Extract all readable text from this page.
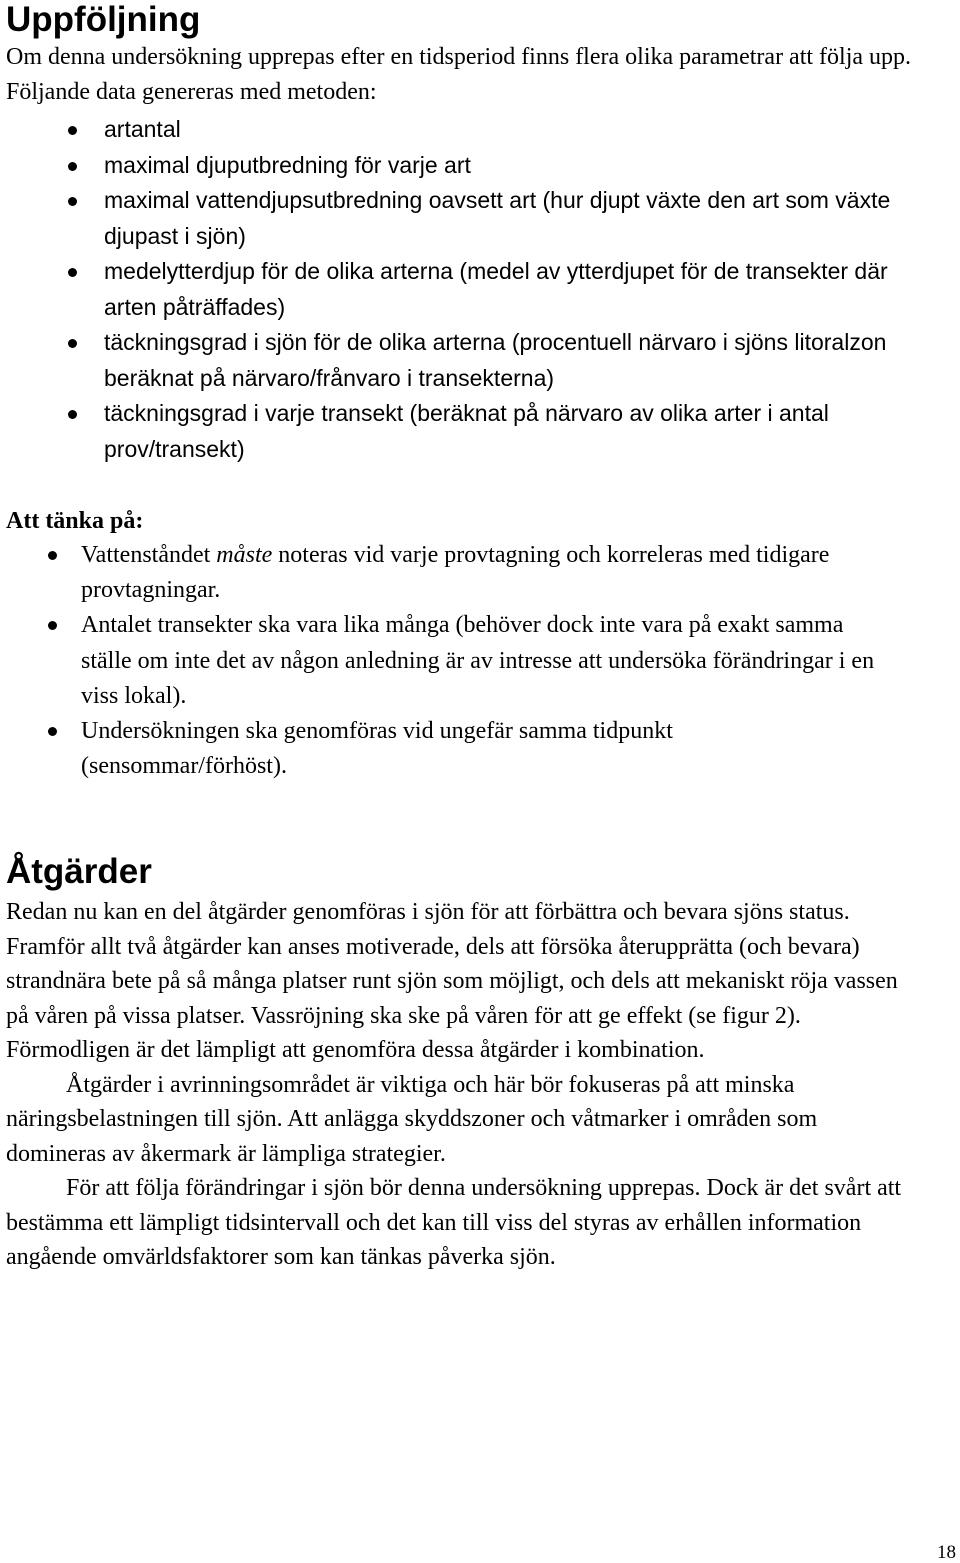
Uppföljning

Om denna undersökning upprepas efter en tidsperiod finns flera olika parametrar att följa upp. Följande data genereras med metoden:

artantal
maximal djuputbredning för varje art
maximal vattendjupsutbredning oavsett art (hur djupt växte den art som växte djupast i sjön)
medelytterdjup för de olika arterna (medel av ytterdjupet för de transekter där arten påträffades)
täckningsgrad i sjön för de olika arterna (procentuell närvaro i sjöns litoralzon beräknat på närvaro/frånvaro i transekterna)
täckningsgrad i varje transekt (beräknat på närvaro av olika arter i antal prov/transekt)

Att tänka på:

Vattenståndet måste noteras vid varje provtagning och korreleras med tidigare provtagningar.
Antalet transekter ska vara lika många (behöver dock inte vara på exakt samma ställe om inte det av någon anledning är av intresse att undersöka förändringar i en viss lokal).
Undersökningen ska genomföras vid ungefär samma tidpunkt (sensommar/förhöst).
Åtgärder

Redan nu kan en del åtgärder genomföras i sjön för att förbättra och bevara sjöns status. Framför allt två åtgärder kan anses motiverade, dels att försöka återupprätta (och bevara) strandnära bete på så många platser runt sjön som möjligt, och dels att mekaniskt röja vassen på våren på vissa platser. Vassröjning ska ske på våren för att ge effekt (se figur 2). Förmodligen är det lämpligt att genomföra dessa åtgärder i kombination.

Åtgärder i avrinningsområdet är viktiga och här bör fokuseras på att minska näringsbelastningen till sjön. Att anlägga skyddszoner och våtmarker i områden som domineras av åkermark är lämpliga strategier.

För att följa förändringar i sjön bör denna undersökning upprepas. Dock är det svårt att bestämma ett lämpligt tidsintervall och det kan till viss del styras av erhållen information angående omvärldsfaktorer som kan tänkas påverka sjön.

18
